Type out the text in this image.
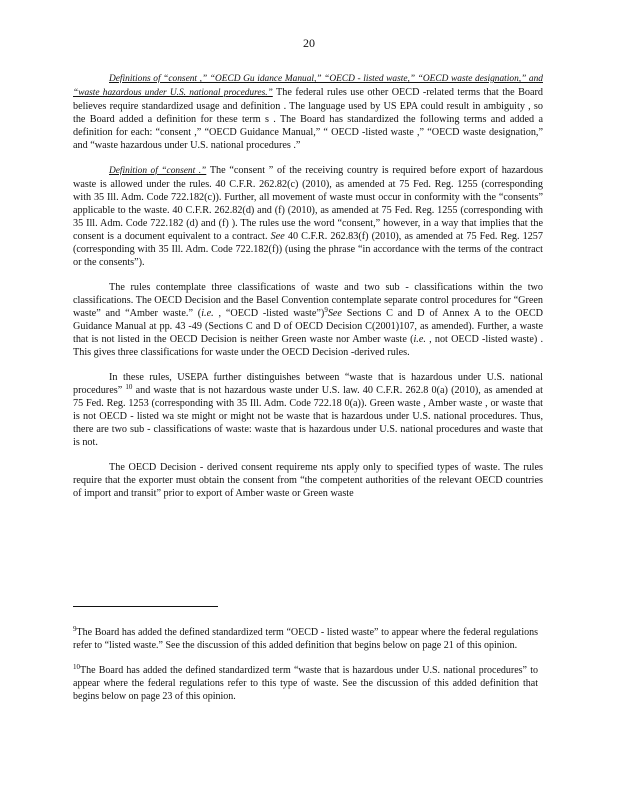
20

Definitions of “consent ,” “OECD Gu idance Manual,” “OECD - listed waste,” “OECD waste designation,” and “waste hazardous under U.S. national procedures.” The federal rules use other OECD -related terms that the Board believes require standardized usage and definition . The language used by US EPA could result in ambiguity , so the Board added a definition for these term s . The Board has standardized the following terms and added a definition for each: “consent ,” “OECD Guidance Manual,” “ OECD -listed waste ,” “OECD waste designation,” and “waste hazardous under U.S. national procedures .”

Definition of “consent .” The “consent ” of the receiving country is required before export of hazardous waste is allowed under the rules. 40 C.F.R. 262.82(c) (2010), as amended at 75 Fed. Reg. 1255 (corresponding with 35 Ill. Adm. Code 722.182(c)). Further, all movement of waste must occur in conformity with the “consents” applicable to the waste. 40 C.F.R. 262.82(d) and (f) (2010), as amended at 75 Fed. Reg. 1255 (corresponding with 35 Ill. Adm. Code 722.182 (d) and (f) ). The rules use the word “consent,” however, in a way that implies that the consent is a document equivalent to a contract. See 40 C.F.R. 262.83(f) (2010), as amended at 75 Fed. Reg. 1257 (corresponding with 35 Ill. Adm. Code 722.182(f)) (using the phrase “in accordance with the terms of the contract or the consents”).

The rules contemplate three classifications of waste and two sub - classifications within the two classifications. The OECD Decision and the Basel Convention contemplate separate control procedures for “Green waste” and “Amber waste.” (i.e. , “OECD -listed waste”)$^9$See Sections C and D of Annex A to the OECD Guidance Manual at pp. 43 -49 (Sections C and D of OECD Decision C(2001)107, as amended). Further, a waste that is not listed in the OECD Decision is neither Green waste nor Amber waste (i.e. , not OECD -listed waste) . This gives three classifications for waste under the OECD Decision -derived rules.

In these rules, USEPA further distinguishes between “waste that is hazardous under U.S. national procedures” $^{10}$ and waste that is not hazardous waste under U.S. law. 40 C.F.R. 262.8 0(a) (2010), as amended at 75 Fed. Reg. 1253 (corresponding with 35 Ill. Adm. Code 722.18 0(a)). Green waste , Amber waste , or waste that is not OECD - listed wa ste might or might not be waste that is hazardous under U.S. national procedures. Thus, there are two sub - classifications of waste: waste that is hazardous under U.S. national procedures and waste that is not.

The OECD Decision - derived consent requireme nts apply only to specified types of waste. The rules require that the exporter must obtain the consent from “the competent authorities of the relevant OECD countries of import and transit” prior to export of Amber waste or Green waste

$^9$The Board has added the defined standardized term “OECD - listed waste” to appear where the federal regulations refer to “listed waste.” See the discussion of this added definition that begins below on page 21 of this opinion.

$^{10}$The Board has added the defined standardized term “waste that is hazardous under U.S. national procedures” to appear where the federal regulations refer to this type of waste. See the discussion of this added definition that begins below on page 23 of this opinion.
